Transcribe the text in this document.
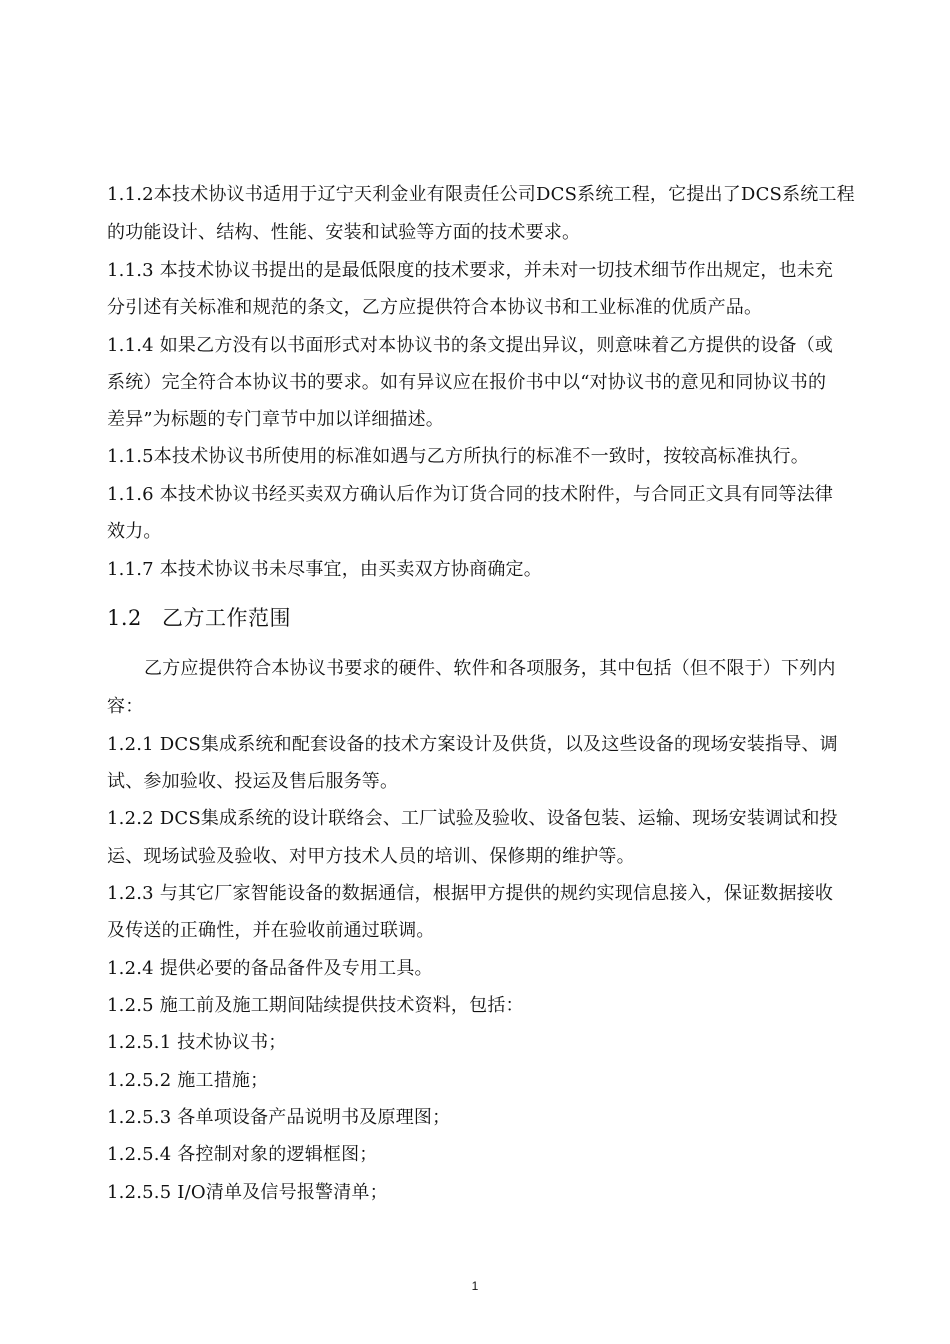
1.1.2本技术协议书适用于辽宁天利金业有限责任公司DCS系统工程，它提出了DCS系统工程
的功能设计、结构、性能、安装和试验等方面的技术要求。
1.1.3 本技术协议书提出的是最低限度的技术要求，并未对一切技术细节作出规定，也未充
分引述有关标准和规范的条文，乙方应提供符合本协议书和工业标准的优质产品。
1.1.4 如果乙方没有以书面形式对本协议书的条文提出异议，则意味着乙方提供的设备（或
系统）完全符合本协议书的要求。如有异议应在报价书中以“对协议书的意见和同协议书的
差异”为标题的专门章节中加以详细描述。
1.1.5本技术协议书所使用的标准如遇与乙方所执行的标准不一致时，按较高标准执行。
1.1.6 本技术协议书经买卖双方确认后作为订货合同的技术附件，与合同正文具有同等法律
效力。
1.1.7 本技术协议书未尽事宜，由买卖双方协商确定。
1.2 乙方工作范围
乙方应提供符合本协议书要求的硬件、软件和各项服务，其中包括（但不限于）下列内
容：
1.2.1 DCS集成系统和配套设备的技术方案设计及供货，以及这些设备的现场安装指导、调
试、参加验收、投运及售后服务等。
1.2.2 DCS集成系统的设计联络会、工厂试验及验收、设备包装、运输、现场安装调试和投
运、现场试验及验收、对甲方技术人员的培训、保修期的维护等。
1.2.3 与其它厂家智能设备的数据通信，根据甲方提供的规约实现信息接入，保证数据接收
及传送的正确性，并在验收前通过联调。
1.2.4 提供必要的备品备件及专用工具。
1.2.5 施工前及施工期间陆续提供技术资料，包括：
1.2.5.1 技术协议书；
1.2.5.2 施工措施；
1.2.5.3 各单项设备产品说明书及原理图；
1.2.5.4 各控制对象的逻辑框图；
1.2.5.5 I/O清单及信号报警清单；
1
